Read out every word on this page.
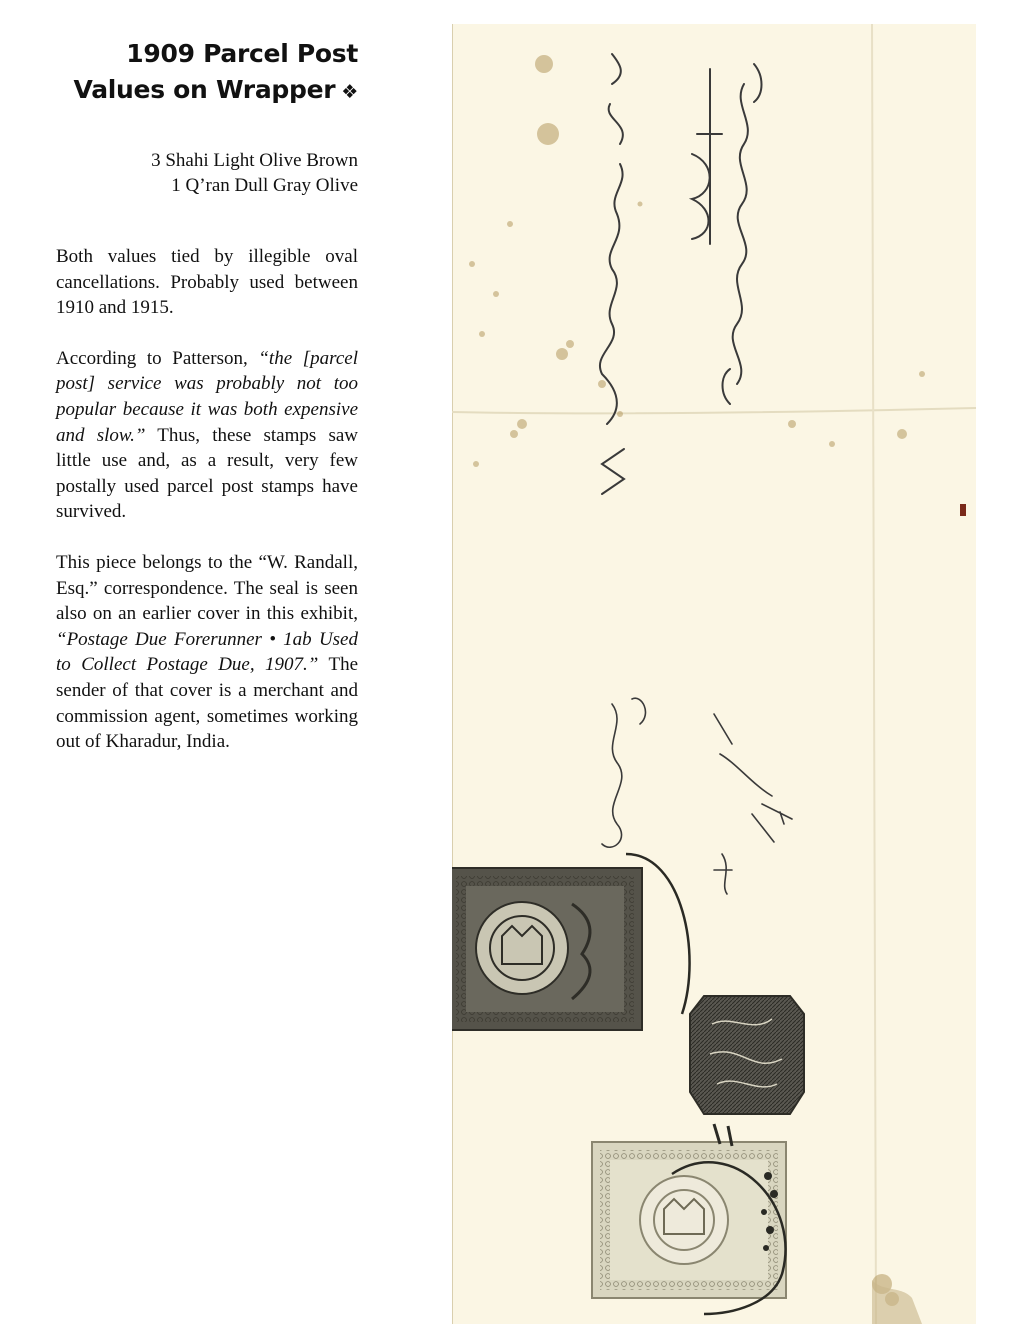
1909 Parcel Post
Values on Wrapper ❖
3 Shahi Light Olive Brown
1 Q’ran Dull Gray Olive

Both values tied by illegible oval cancellations. Probably used between 1910 and 1915.

According to Patterson, “the [parcel post] service was probably not too popular because it was both expensive and slow.” Thus, these stamps saw little use and, as a result, very few postally used parcel post stamps have survived.

This piece belongs to the “W. Randall, Esq.” correspondence. The seal is seen also on an earlier cover in this exhibit, “Postage Due Forerunner • 1ab Used to Collect Postage Due, 1907.” The sender of that cover is a merchant and commission agent, sometimes working out of Kharadur, India.

W. Randall Esqr.
